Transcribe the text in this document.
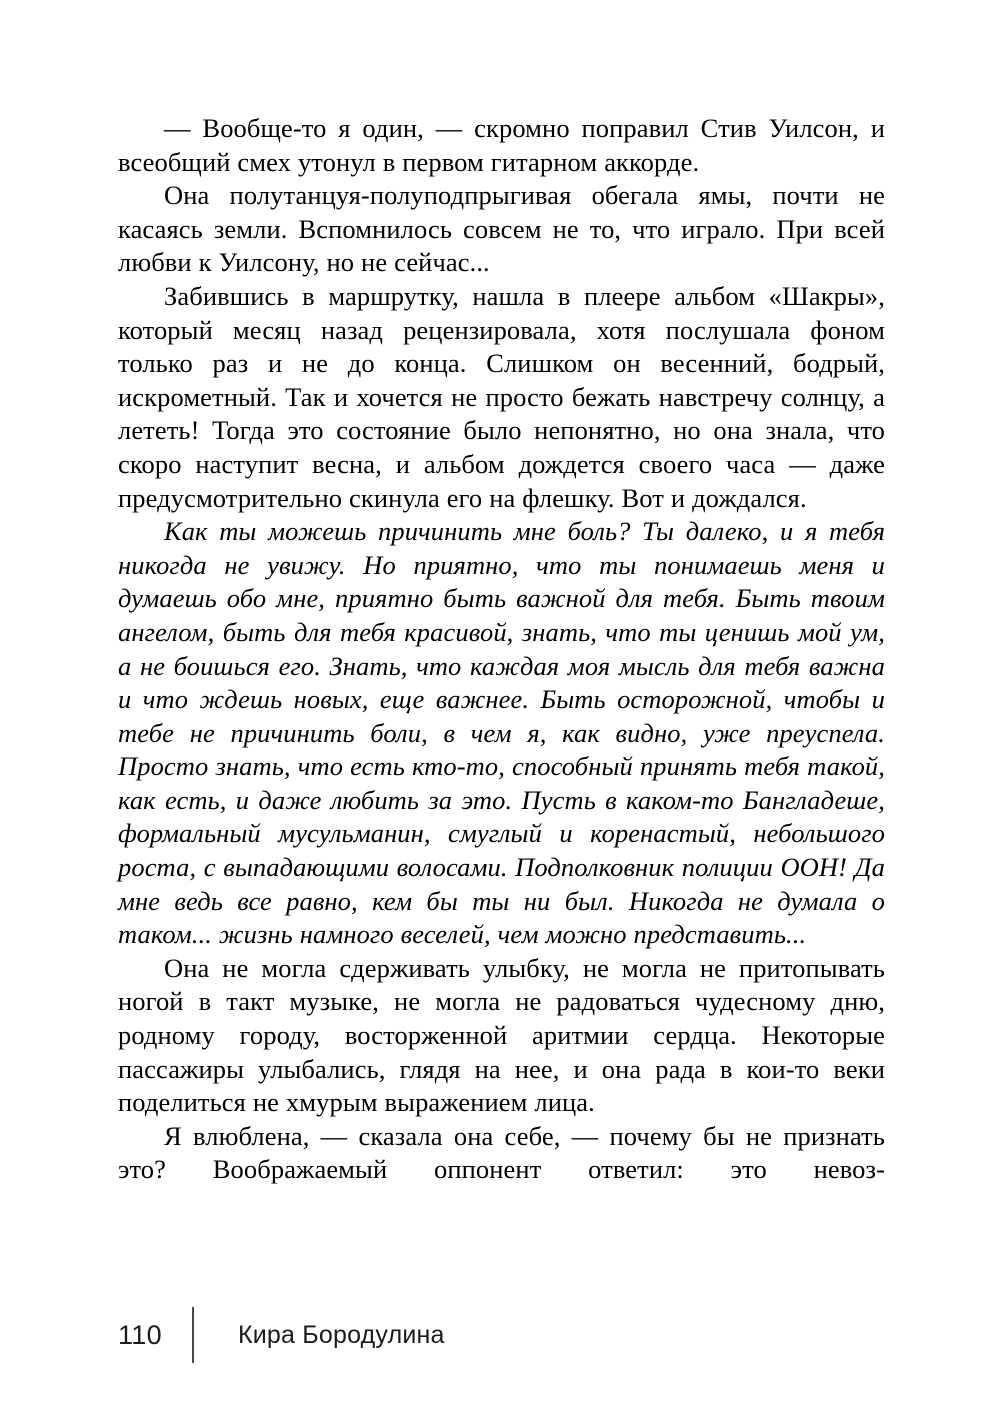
— Вообще-то я один, — скромно поправил Стив Уилсон, и всеобщий смех утонул в первом гитарном аккорде.

Она полутанцуя-полуподпрыгивая обегала ямы, почти не касаясь земли. Вспомнилось совсем не то, что играло. При всей любви к Уилсону, но не сейчас...

Забившись в маршрутку, нашла в плеере альбом «Шакры», который месяц назад рецензировала, хотя послушала фоном только раз и не до конца. Слишком он весенний, бодрый, искрометный. Так и хочется не просто бежать навстречу солнцу, а лететь! Тогда это состояние было непонятно, но она знала, что скоро наступит весна, и альбом дождется своего часа — даже предусмотрительно скинула его на флешку. Вот и дождался.

Как ты можешь причинить мне боль? Ты далеко, и я тебя никогда не увижу. Но приятно, что ты понимаешь меня и думаешь обо мне, приятно быть важной для тебя. Быть твоим ангелом, быть для тебя красивой, знать, что ты ценишь мой ум, а не боишься его. Знать, что каждая моя мысль для тебя важна и что ждешь новых, еще важнее. Быть осторожной, чтобы и тебе не причинить боли, в чем я, как видно, уже преуспела. Просто знать, что есть кто-то, способный принять тебя такой, как есть, и даже любить за это. Пусть в каком-то Бангладеше, формальный мусульманин, смуглый и коренастый, небольшого роста, с выпадающими волосами. Подполковник полиции ООН! Да мне ведь все равно, кем бы ты ни был. Никогда не думала о таком... жизнь намного веселей, чем можно представить...

Она не могла сдерживать улыбку, не могла не притопывать ногой в такт музыке, не могла не радоваться чудесному дню, родному городу, восторженной аритмии сердца. Некоторые пассажиры улыбались, глядя на нее, и она рада в кои-то веки поделиться не хмурым выражением лица.

Я влюблена, — сказала она себе, — почему бы не признать это? Воображаемый оппонент ответил: это невоз-

110	Кира Бородулина
